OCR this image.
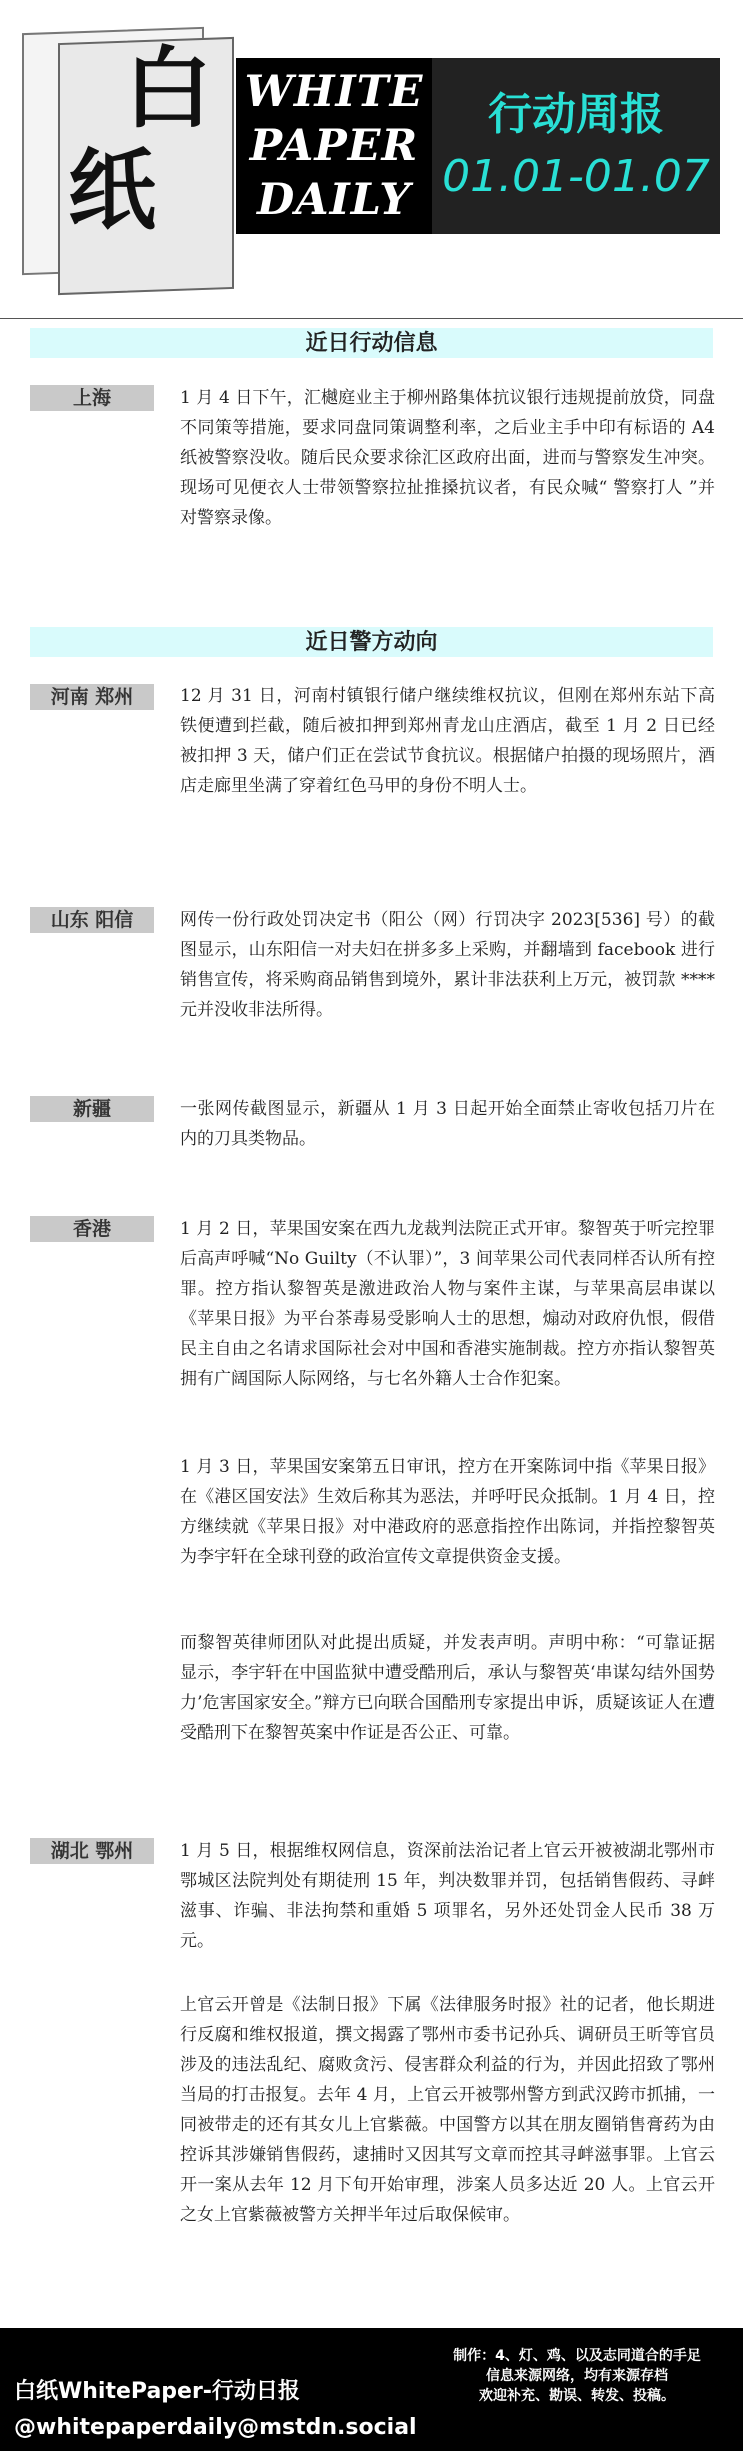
白
纸
WHITE
PAPER
DAILY
行动周报
01.01-01.07
近日行动信息
上海	1 月 4 日下午，汇樾庭业主于柳州路集体抗议银行违规提前放贷，同盘不同策等措施，要求同盘同策调整利率，之后业主手中印有标语的 A4 纸被警察没收。随后民众要求徐汇区政府出面，进而与警察发生冲突。现场可见便衣人士带领警察拉扯推搡抗议者，有民众喊“ 警察打人 ”并对警察录像。

近日警方动向
河南 郑州	12 月 31 日，河南村镇银行储户继续维权抗议，但刚在郑州东站下高铁便遭到拦截，随后被扣押到郑州青龙山庄酒店，截至 1 月 2 日已经被扣押 3 天，储户们正在尝试节食抗议。根据储户拍摄的现场照片，酒店走廊里坐满了穿着红色马甲的身份不明人士。

山东 阳信	网传一份行政处罚决定书（阳公（网）行罚决字 2023[536] 号）的截图显示，山东阳信一对夫妇在拼多多上采购，并翻墙到 facebook 进行销售宣传，将采购商品销售到境外，累计非法获利上万元，被罚款 **** 元并没收非法所得。

新疆	一张网传截图显示，新疆从 1 月 3 日起开始全面禁止寄收包括刀片在内的刀具类物品。

香港	1 月 2 日，苹果国安案在西九龙裁判法院正式开审。黎智英于听完控罪后高声呼喊“No Guilty（不认罪）”，3 间苹果公司代表同样否认所有控罪。控方指认黎智英是激进政治人物与案件主谋，与苹果高层串谋以《苹果日报》为平台茶毒易受影响人士的思想，煽动对政府仇恨，假借民主自由之名请求国际社会对中国和香港实施制裁。控方亦指认黎智英拥有广阔国际人际网络，与七名外籍人士合作犯案。

1 月 3 日，苹果国安案第五日审讯，控方在开案陈词中指《苹果日报》在《港区国安法》生效后称其为恶法，并呼吁民众抵制。1 月 4 日，控方继续就《苹果日报》对中港政府的恶意指控作出陈词，并指控黎智英为李宇轩在全球刊登的政治宣传文章提供资金支援。

而黎智英律师团队对此提出质疑，并发表声明。声明中称：“可靠证据显示，李宇轩在中国监狱中遭受酷刑后，承认与黎智英‘串谋勾结外国势力’危害国家安全。”辩方已向联合国酷刑专家提出申诉，质疑该证人在遭受酷刑下在黎智英案中作证是否公正、可靠。

湖北 鄂州	1 月 5 日，根据维权网信息，资深前法治记者上官云开被被湖北鄂州市鄂城区法院判处有期徒刑 15 年，判决数罪并罚，包括销售假药、寻衅滋事、诈骗、非法拘禁和重婚 5 项罪名，另外还处罚金人民币 38 万元。

上官云开曾是《法制日报》下属《法律服务时报》社的记者，他长期进行反腐和维权报道，撰文揭露了鄂州市委书记孙兵、调研员王昕等官员涉及的违法乱纪、腐败贪污、侵害群众利益的行为，并因此招致了鄂州当局的打击报复。去年 4 月，上官云开被鄂州警方到武汉跨市抓捕，一同被带走的还有其女儿上官紫薇。中国警方以其在朋友圈销售膏药为由控诉其涉嫌销售假药，逮捕时又因其写文章而控其寻衅滋事罪。上官云开一案从去年 12 月下旬开始审理，涉案人员多达近 20 人。上官云开之女上官紫薇被警方关押半年过后取保候审。

白纸WhitePaper-行动日报
@whitepaperdaily@mstdn.social
制作：4、灯、鸡、以及志同道合的手足
信息来源网络，均有来源存档
欢迎补充、勘误、转发、投稿。
